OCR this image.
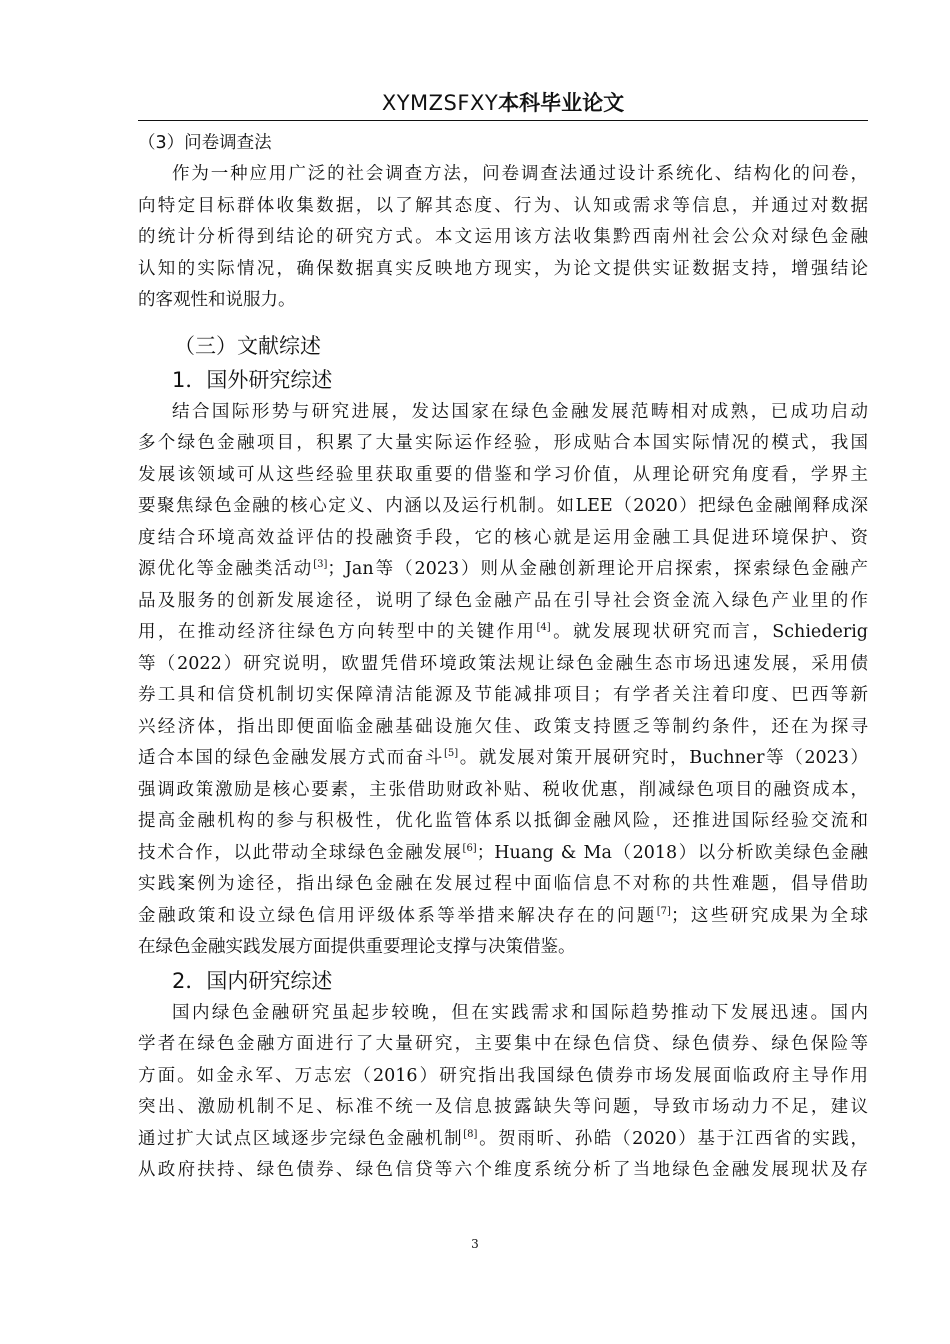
XYMZSFXY本科毕业论文
（3）问卷调查法
作为一种应用广泛的社会调查方法，问卷调查法通过设计系统化、结构化的问卷，
向特定目标群体收集数据，以了解其态度、行为、认知或需求等信息，并通过对数据
的统计分析得到结论的研究方式。本文运用该方法收集黔西南州社会公众对绿色金融
认知的实际情况，确保数据真实反映地方现实，为论文提供实证数据支持，增强结论
的客观性和说服力。
（三）文献综述
1．国外研究综述
结合国际形势与研究进展，发达国家在绿色金融发展范畴相对成熟，已成功启动
多个绿色金融项目，积累了大量实际运作经验，形成贴合本国实际情况的模式，我国
发展该领域可从这些经验里获取重要的借鉴和学习价值，从理论研究角度看，学界主
要聚焦绿色金融的核心定义、内涵以及运行机制。如LEE（2020）把绿色金融阐释成深
度结合环境高效益评估的投融资手段，它的核心就是运用金融工具促进环境保护、资
源优化等金融类活动[3]；Jan等（2023）则从金融创新理论开启探索，探索绿色金融产
品及服务的创新发展途径，说明了绿色金融产品在引导社会资金流入绿色产业里的作
用，在推动经济往绿色方向转型中的关键作用[4]。就发展现状研究而言，Schiederig
等（2022）研究说明，欧盟凭借环境政策法规让绿色金融生态市场迅速发展，采用债
券工具和信贷机制切实保障清洁能源及节能减排项目；有学者关注着印度、巴西等新
兴经济体，指出即便面临金融基础设施欠佳、政策支持匮乏等制约条件，还在为探寻
适合本国的绿色金融发展方式而奋斗[5]。就发展对策开展研究时，Buchner等（2023）
强调政策激励是核心要素，主张借助财政补贴、税收优惠，削减绿色项目的融资成本，
提高金融机构的参与积极性，优化监管体系以抵御金融风险，还推进国际经验交流和
技术合作，以此带动全球绿色金融发展[6]；Huang & Ma（2018）以分析欧美绿色金融
实践案例为途径，指出绿色金融在发展过程中面临信息不对称的共性难题，倡导借助
金融政策和设立绿色信用评级体系等举措来解决存在的问题[7]；这些研究成果为全球
在绿色金融实践发展方面提供重要理论支撑与决策借鉴。
2．国内研究综述
国内绿色金融研究虽起步较晚，但在实践需求和国际趋势推动下发展迅速。国内
学者在绿色金融方面进行了大量研究，主要集中在绿色信贷、绿色债券、绿色保险等
方面。如金永军、万志宏（2016）研究指出我国绿色债券市场发展面临政府主导作用
突出、激励机制不足、标准不统一及信息披露缺失等问题，导致市场动力不足，建议
通过扩大试点区域逐步完绿色金融机制[8]。贺雨昕、孙皓（2020）基于江西省的实践，
从政府扶持、绿色债券、绿色信贷等六个维度系统分析了当地绿色金融发展现状及存
3
